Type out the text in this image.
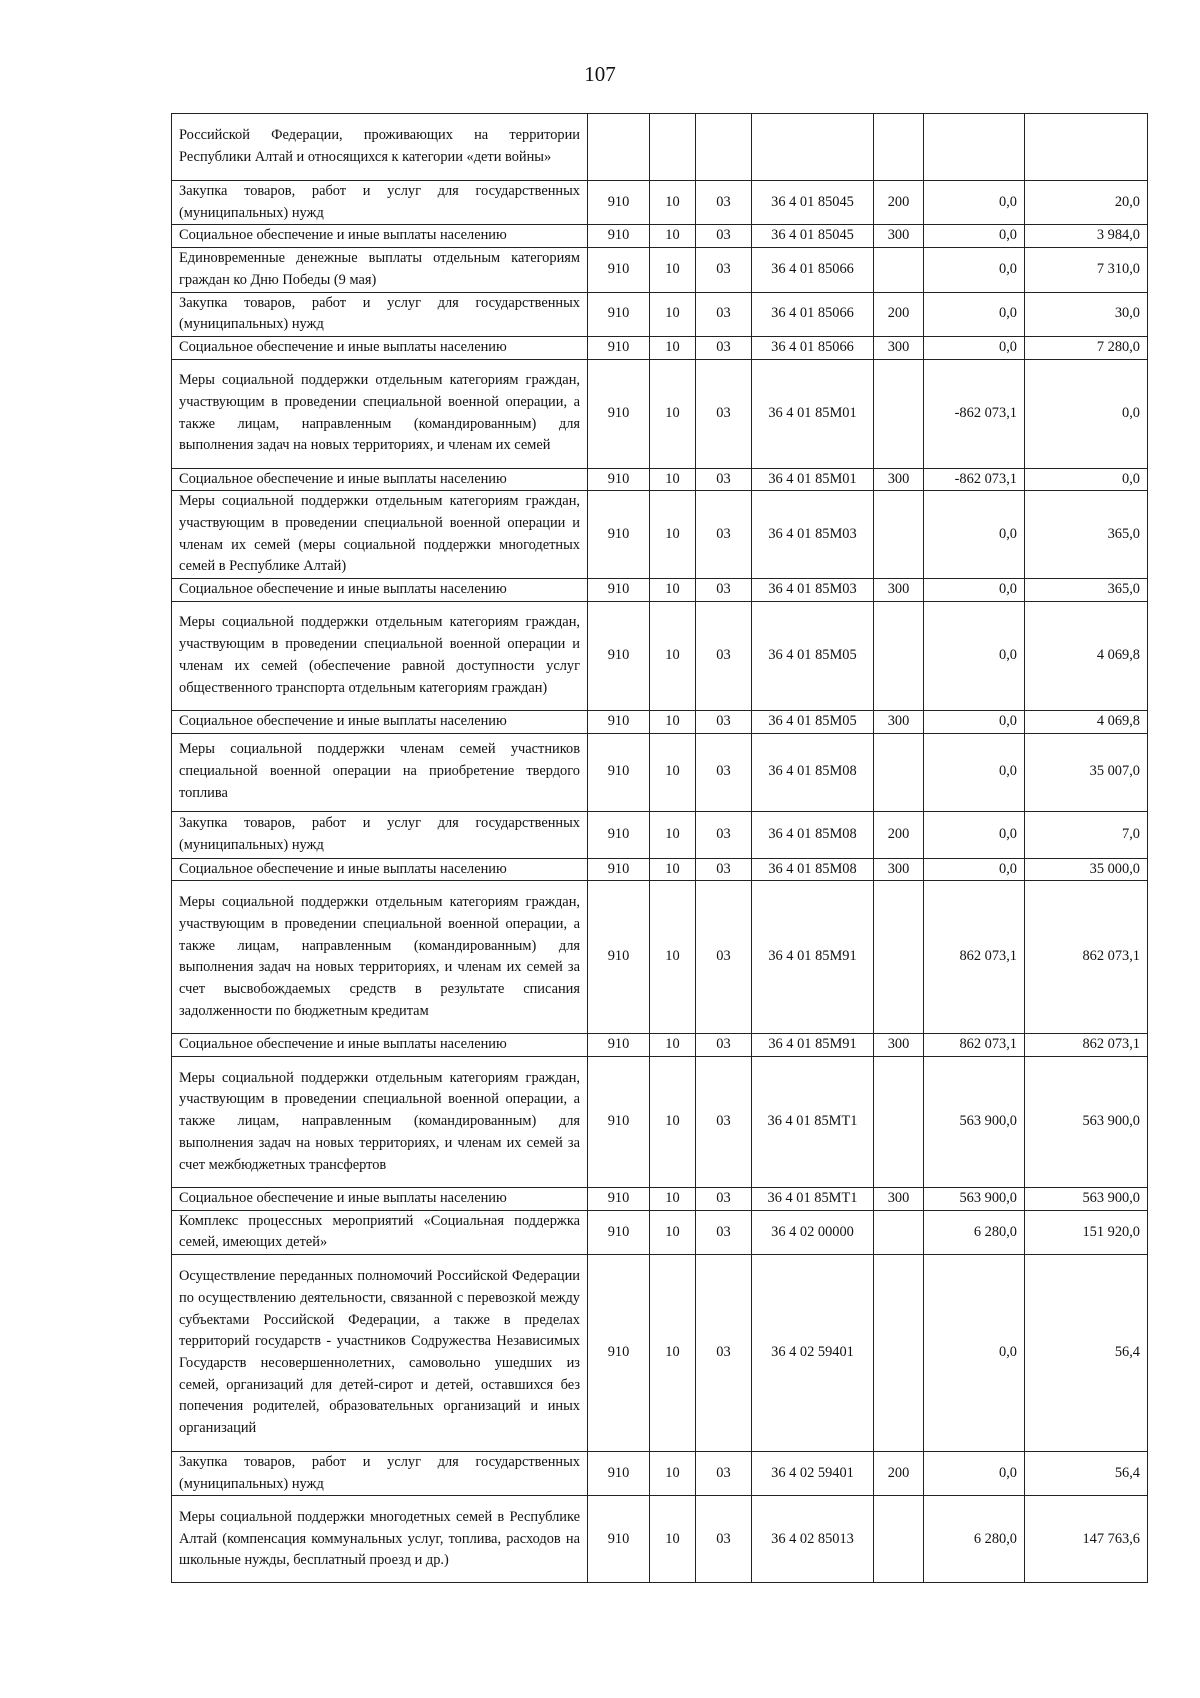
107
Российской Федерации, проживающих на территории Республики Алтай и относящихся к категории «дети войны»							
Закупка товаров, работ и услуг для государственных (муниципальных) нужд	910	10	03	36 4 01 85045	200	0,0	20,0
Социальное обеспечение и иные выплаты населению	910	10	03	36 4 01 85045	300	0,0	3 984,0
Единовременные денежные выплаты отдельным категориям граждан ко Дню Победы (9 мая)	910	10	03	36 4 01 85066		0,0	7 310,0
Закупка товаров, работ и услуг для государственных (муниципальных) нужд	910	10	03	36 4 01 85066	200	0,0	30,0
Социальное обеспечение и иные выплаты населению	910	10	03	36 4 01 85066	300	0,0	7 280,0
Меры социальной поддержки отдельным категориям граждан, участвующим в проведении специальной военной операции, а также лицам, направленным (командированным) для выполнения задач на новых территориях, и членам их семей	910	10	03	36 4 01 85М01		-862 073,1	0,0
Социальное обеспечение и иные выплаты населению	910	10	03	36 4 01 85М01	300	-862 073,1	0,0
Меры социальной поддержки отдельным категориям граждан, участвующим в проведении специальной военной операции и членам их семей (меры социальной поддержки многодетных семей в Республике Алтай)	910	10	03	36 4 01 85М03		0,0	365,0
Социальное обеспечение и иные выплаты населению	910	10	03	36 4 01 85М03	300	0,0	365,0
Меры социальной поддержки отдельным категориям граждан, участвующим в проведении специальной военной операции и членам их семей (обеспечение равной доступности услуг общественного транспорта отдельным категориям граждан)	910	10	03	36 4 01 85М05		0,0	4 069,8
Социальное обеспечение и иные выплаты населению	910	10	03	36 4 01 85М05	300	0,0	4 069,8
Меры социальной поддержки членам семей участников специальной военной операции на приобретение твердого топлива	910	10	03	36 4 01 85М08		0,0	35 007,0
Закупка товаров, работ и услуг для государственных (муниципальных) нужд	910	10	03	36 4 01 85М08	200	0,0	7,0
Социальное обеспечение и иные выплаты населению	910	10	03	36 4 01 85М08	300	0,0	35 000,0
Меры социальной поддержки отдельным категориям граждан, участвующим в проведении специальной военной операции, а также лицам, направленным (командированным) для выполнения задач на новых территориях, и членам их семей за счет высвобождаемых средств в результате списания задолженности по бюджетным кредитам	910	10	03	36 4 01 85М91		862 073,1	862 073,1
Социальное обеспечение и иные выплаты населению	910	10	03	36 4 01 85М91	300	862 073,1	862 073,1
Меры социальной поддержки отдельным категориям граждан, участвующим в проведении специальной военной операции, а также лицам, направленным (командированным) для выполнения задач на новых территориях, и членам их семей за счет межбюджетных трансфертов	910	10	03	36 4 01 85МТ1		563 900,0	563 900,0
Социальное обеспечение и иные выплаты населению	910	10	03	36 4 01 85МТ1	300	563 900,0	563 900,0
Комплекс процессных мероприятий «Социальная поддержка семей, имеющих детей»	910	10	03	36 4 02 00000		6 280,0	151 920,0
Осуществление переданных полномочий Российской Федерации по осуществлению деятельности, связанной с перевозкой между субъектами Российской Федерации, а также в пределах территорий государств - участников Содружества Независимых Государств несовершеннолетних, самовольно ушедших из семей, организаций для детей-сирот и детей, оставшихся без попечения родителей, образовательных организаций и иных организаций	910	10	03	36 4 02 59401		0,0	56,4
Закупка товаров, работ и услуг для государственных (муниципальных) нужд	910	10	03	36 4 02 59401	200	0,0	56,4
Меры социальной поддержки многодетных семей в Республике Алтай (компенсация коммунальных услуг, топлива, расходов на школьные нужды, бесплатный проезд и др.)	910	10	03	36 4 02 85013		6 280,0	147 763,6
